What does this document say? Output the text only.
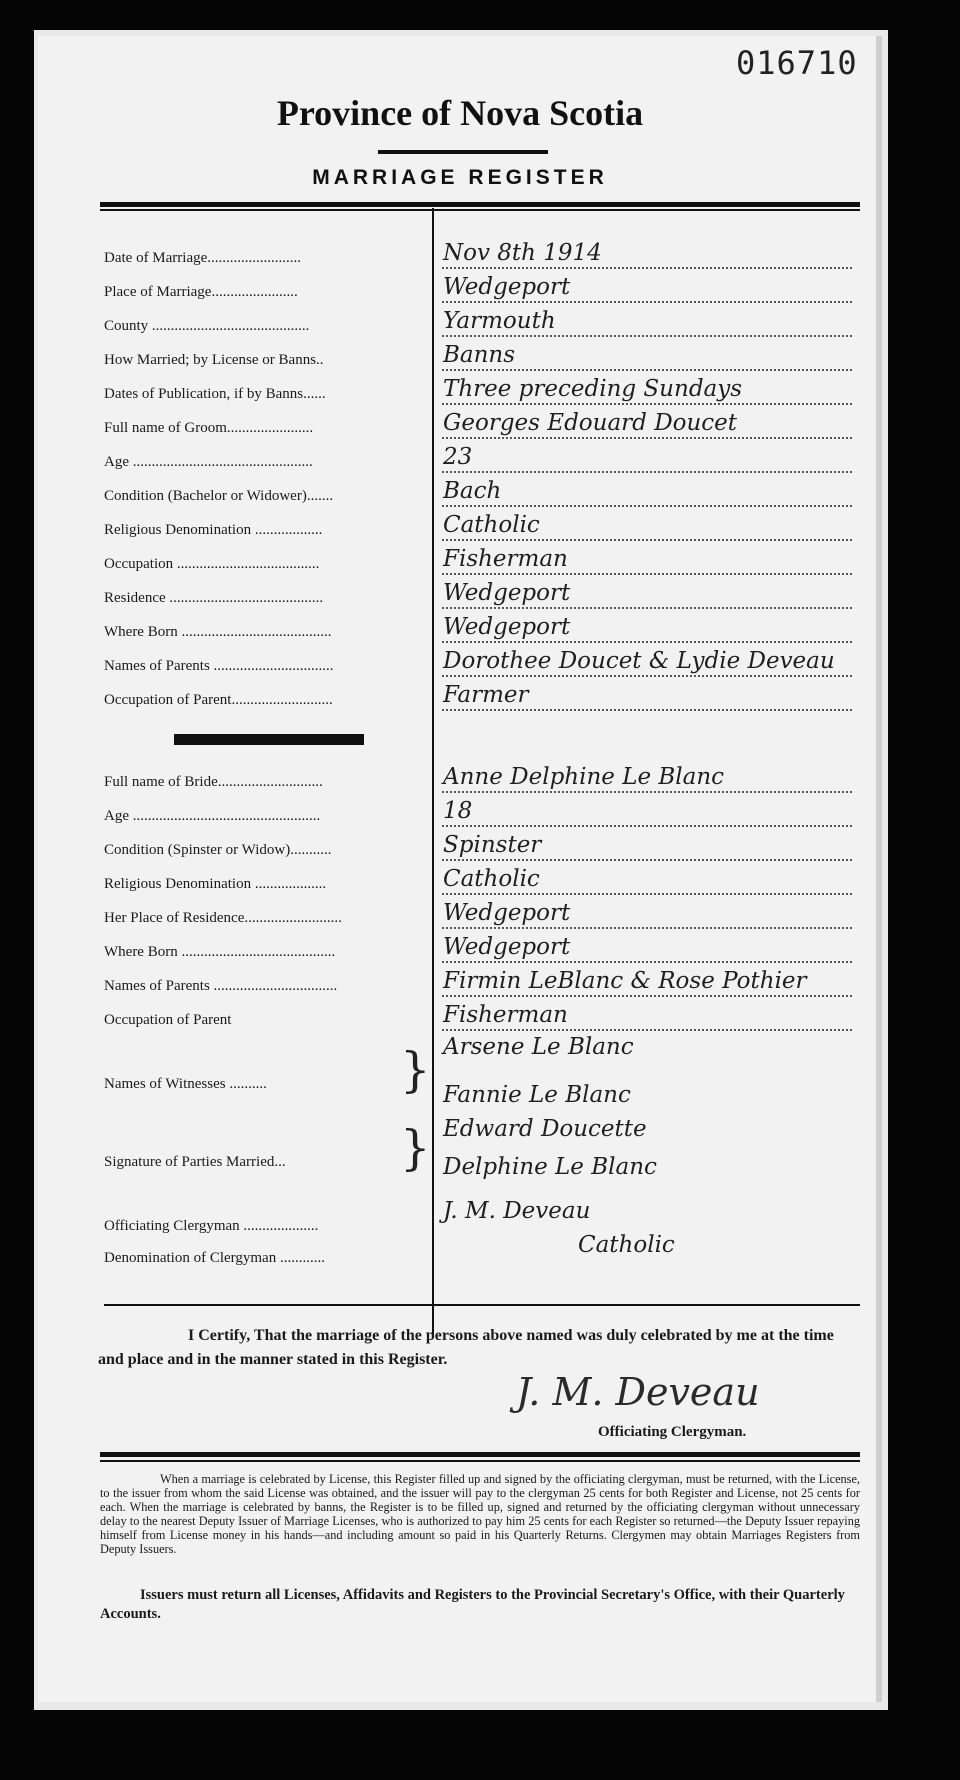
016710
Province of Nova Scotia
MARRIAGE REGISTER
Date of Marriage.........................	Nov 8th 1914
Place of Marriage.......................	Wedgeport
County ..........................................	Yarmouth
How Married; by License or Banns..	Banns
Dates of Publication, if by Banns......	Three preceding Sundays
Full name of Groom.......................	Georges Edouard Doucet
Age ................................................	23
Condition (Bachelor or Widower).......	Bach
Religious Denomination ..................	Catholic
Occupation ......................................	Fisherman
Residence .........................................	Wedgeport
Where Born ........................................	Wedgeport
Names of Parents ................................	Dorothee Doucet & Lydie Deveau
Occupation of Parent...........................	Farmer
Full name of Bride............................	Anne Delphine Le Blanc
Age ..................................................	18
Condition (Spinster or Widow)...........	Spinster
Religious Denomination ...................	Catholic
Her Place of Residence..........................	Wedgeport
Where Born .........................................	Wedgeport
Names of Parents .................................	Firmin LeBlanc & Rose Pothier
Occupation of Parent	Fisherman
Names of Witnesses ..........	} Arsene Le Blanc
Fannie Le Blanc
Signature of Parties Married... } Edward Doucette
Delphine Le Blanc
Officiating Clergyman ....................
J. M. Deveau
Denomination of Clergyman ............	Catholic
I Certify, That the marriage of the persons above named was duly celebrated by me at the time and place and in the manner stated in this Register.
J. M. Deveau
Officiating Clergyman.
When a marriage is celebrated by License, this Register filled up and signed by the officiating clergyman, must be returned, with the License, to the issuer from whom the said License was obtained, and the issuer will pay to the clergyman 25 cents for both Register and License, not 25 cents for each. When the marriage is celebrated by banns, the Register is to be filled up, signed and returned by the officiating clergyman without unnecessary delay to the nearest Deputy Issuer of Marriage Licenses, who is authorized to pay him 25 cents for each Register so returned—the Deputy Issuer repaying himself from License money in his hands—and including amount so paid in his Quarterly Returns. Clergymen may obtain Marriages Registers from Deputy Issuers.
Issuers must return all Licenses, Affidavits and Registers to the Provincial Secretary's Office, with their Quarterly Accounts.
